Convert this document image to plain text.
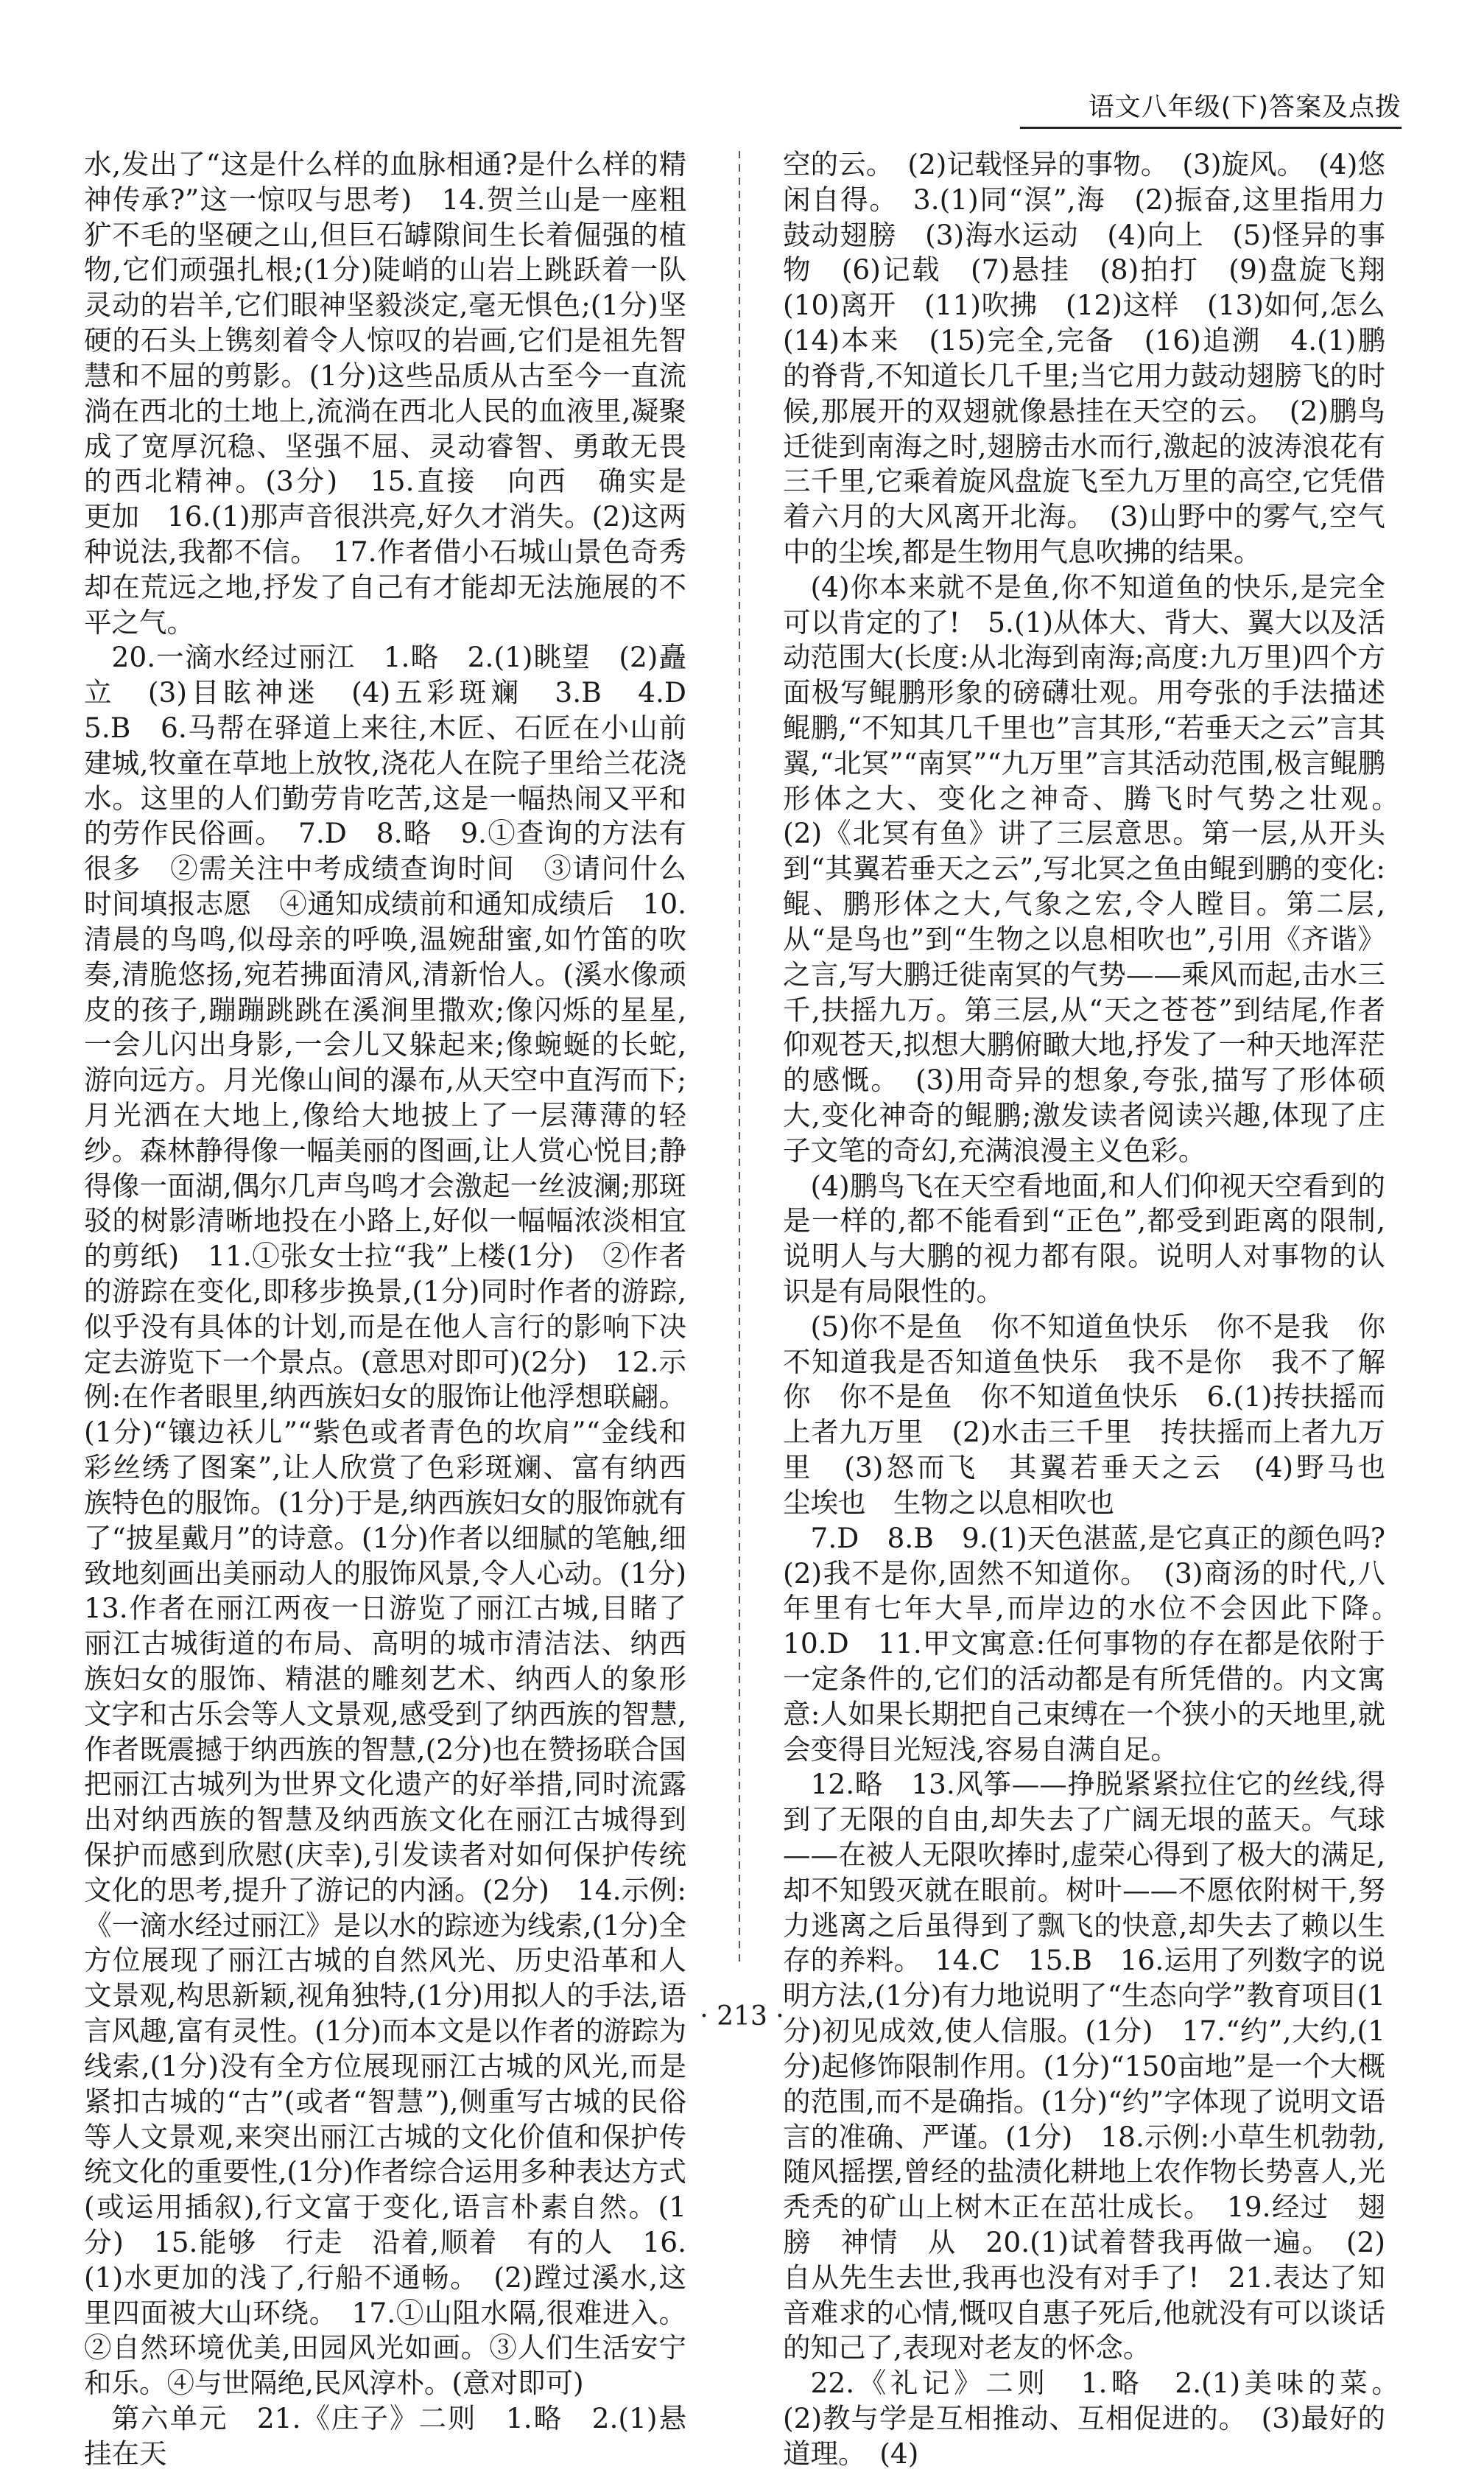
语文八年级(下)答案及点拨

水,发出了“这是什么样的血脉相通?是什么样的精神传承?”这一惊叹与思考)　14.贺兰山是一座粗犷不毛的坚硬之山,但巨石罅隙间生长着倔强的植物,它们顽强扎根;(1分)陡峭的山岩上跳跃着一队灵动的岩羊,它们眼神坚毅淡定,毫无惧色;(1分)坚硬的石头上镌刻着令人惊叹的岩画,它们是祖先智慧和不屈的剪影。(1分)这些品质从古至今一直流淌在西北的土地上,流淌在西北人民的血液里,凝聚成了宽厚沉稳、坚强不屈、灵动睿智、勇敢无畏的西北精神。(3分)　15.直接　向西　确实是　更加　16.(1)那声音很洪亮,好久才消失。(2)这两种说法,我都不信。　17.作者借小石城山景色奇秀却在荒远之地,抒发了自己有才能却无法施展的不平之气。

20.一滴水经过丽江　1.略　2.(1)眺望　(2)矗立　(3)目眩神迷　(4)五彩斑斓　3.B　4.D　5.B　6.马帮在驿道上来往,木匠、石匠在小山前建城,牧童在草地上放牧,浇花人在院子里给兰花浇水。这里的人们勤劳肯吃苦,这是一幅热闹又平和的劳作民俗画。　7.D　8.略　9.①查询的方法有很多　②需关注中考成绩查询时间　③请问什么时间填报志愿　④通知成绩前和通知成绩后　10.清晨的鸟鸣,似母亲的呼唤,温婉甜蜜,如竹笛的吹奏,清脆悠扬,宛若拂面清风,清新怡人。(溪水像顽皮的孩子,蹦蹦跳跳在溪涧里撒欢;像闪烁的星星,一会儿闪出身影,一会儿又躲起来;像蜿蜒的长蛇,游向远方。月光像山间的瀑布,从天空中直泻而下;月光洒在大地上,像给大地披上了一层薄薄的轻纱。森林静得像一幅美丽的图画,让人赏心悦目;静得像一面湖,偶尔几声鸟鸣才会激起一丝波澜;那斑驳的树影清晰地投在小路上,好似一幅幅浓淡相宜的剪纸)　11.①张女士拉“我”上楼(1分)　②作者的游踪在变化,即移步换景,(1分)同时作者的游踪,似乎没有具体的计划,而是在他人言行的影响下决定去游览下一个景点。(意思对即可)(2分)　12.示例:在作者眼里,纳西族妇女的服饰让他浮想联翩。(1分)“镶边袄儿”“紫色或者青色的坎肩”“金线和彩丝绣了图案”,让人欣赏了色彩斑斓、富有纳西族特色的服饰。(1分)于是,纳西族妇女的服饰就有了“披星戴月”的诗意。(1分)作者以细腻的笔触,细致地刻画出美丽动人的服饰风景,令人心动。(1分)　13.作者在丽江两夜一日游览了丽江古城,目睹了丽江古城街道的布局、高明的城市清洁法、纳西族妇女的服饰、精湛的雕刻艺术、纳西人的象形文字和古乐会等人文景观,感受到了纳西族的智慧,作者既震撼于纳西族的智慧,(2分)也在赞扬联合国把丽江古城列为世界文化遗产的好举措,同时流露出对纳西族的智慧及纳西族文化在丽江古城得到保护而感到欣慰(庆幸),引发读者对如何保护传统文化的思考,提升了游记的内涵。(2分)　14.示例:《一滴水经过丽江》是以水的踪迹为线索,(1分)全方位展现了丽江古城的自然风光、历史沿革和人文景观,构思新颖,视角独特,(1分)用拟人的手法,语言风趣,富有灵性。(1分)而本文是以作者的游踪为线索,(1分)没有全方位展现丽江古城的风光,而是紧扣古城的“古”(或者“智慧”),侧重写古城的民俗等人文景观,来突出丽江古城的文化价值和保护传统文化的重要性,(1分)作者综合运用多种表达方式(或运用插叙),行文富于变化,语言朴素自然。(1分)　15.能够　行走　沿着,顺着　有的人　16.(1)水更加的浅了,行船不通畅。　(2)蹚过溪水,这里四面被大山环绕。　17.①山阻水隔,很难进入。②自然环境优美,田园风光如画。③人们生活安宁和乐。④与世隔绝,民风淳朴。(意对即可)

第六单元　21.《庄子》二则　1.略　2.(1)悬挂在天

空的云。　(2)记载怪异的事物。　(3)旋风。　(4)悠闲自得。　3.(1)同“溟”,海　(2)振奋,这里指用力鼓动翅膀　(3)海水运动　(4)向上　(5)怪异的事物　(6)记载　(7)悬挂　(8)拍打　(9)盘旋飞翔　(10)离开　(11)吹拂　(12)这样　(13)如何,怎么　(14)本来　(15)完全,完备　(16)追溯　4.(1)鹏的脊背,不知道长几千里;当它用力鼓动翅膀飞的时候,那展开的双翅就像悬挂在天空的云。　(2)鹏鸟迁徙到南海之时,翅膀击水而行,激起的波涛浪花有三千里,它乘着旋风盘旋飞至九万里的高空,它凭借着六月的大风离开北海。　(3)山野中的雾气,空气中的尘埃,都是生物用气息吹拂的结果。

(4)你本来就不是鱼,你不知道鱼的快乐,是完全可以肯定的了!　5.(1)从体大、背大、翼大以及活动范围大(长度:从北海到南海;高度:九万里)四个方面极写鲲鹏形象的磅礴壮观。用夸张的手法描述鲲鹏,“不知其几千里也”言其形,“若垂天之云”言其翼,“北冥”“南冥”“九万里”言其活动范围,极言鲲鹏形体之大、变化之神奇、腾飞时气势之壮观。　(2)《北冥有鱼》讲了三层意思。第一层,从开头到“其翼若垂天之云”,写北冥之鱼由鲲到鹏的变化:鲲、鹏形体之大,气象之宏,令人瞠目。第二层,从“是鸟也”到“生物之以息相吹也”,引用《齐谐》之言,写大鹏迁徙南冥的气势——乘风而起,击水三千,扶摇九万。第三层,从“天之苍苍”到结尾,作者仰观苍天,拟想大鹏俯瞰大地,抒发了一种天地浑茫的感慨。　(3)用奇异的想象,夸张,描写了形体硕大,变化神奇的鲲鹏;激发读者阅读兴趣,体现了庄子文笔的奇幻,充满浪漫主义色彩。

(4)鹏鸟飞在天空看地面,和人们仰视天空看到的是一样的,都不能看到“正色”,都受到距离的限制,说明人与大鹏的视力都有限。说明人对事物的认识是有局限性的。

(5)你不是鱼　你不知道鱼快乐　你不是我　你不知道我是否知道鱼快乐　我不是你　我不了解你　你不是鱼　你不知道鱼快乐　6.(1)抟扶摇而上者九万里　(2)水击三千里　抟扶摇而上者九万里　(3)怒而飞　其翼若垂天之云　(4)野马也　尘埃也　生物之以息相吹也

7.D　8.B　9.(1)天色湛蓝,是它真正的颜色吗?　(2)我不是你,固然不知道你。　(3)商汤的时代,八年里有七年大旱,而岸边的水位不会因此下降。　10.D　11.甲文寓意:任何事物的存在都是依附于一定条件的,它们的活动都是有所凭借的。内文寓意:人如果长期把自己束缚在一个狭小的天地里,就会变得目光短浅,容易自满自足。

12.略　13.风筝——挣脱紧紧拉住它的丝线,得到了无限的自由,却失去了广阔无垠的蓝天。气球——在被人无限吹捧时,虚荣心得到了极大的满足,却不知毁灭就在眼前。树叶——不愿依附树干,努力逃离之后虽得到了飘飞的快意,却失去了赖以生存的养料。　14.C　15.B　16.运用了列数字的说明方法,(1分)有力地说明了“生态向学”教育项目(1分)初见成效,使人信服。(1分)　17.“约”,大约,(1分)起修饰限制作用。(1分)“150亩地”是一个大概的范围,而不是确指。(1分)“约”字体现了说明文语言的准确、严谨。(1分)　18.示例:小草生机勃勃,随风摇摆,曾经的盐渍化耕地上农作物长势喜人,光秃秃的矿山上树木正在茁壮成长。　19.经过　翅膀　神情　从　20.(1)试着替我再做一遍。　(2)自从先生去世,我再也没有对手了!　21.表达了知音难求的心情,慨叹自惠子死后,他就没有可以谈话的知己了,表现对老友的怀念。

22.《礼记》二则　1.略　2.(1)美味的菜。　(2)教与学是互相推动、互相促进的。　(3)最好的道理。　(4)

· 213 ·
